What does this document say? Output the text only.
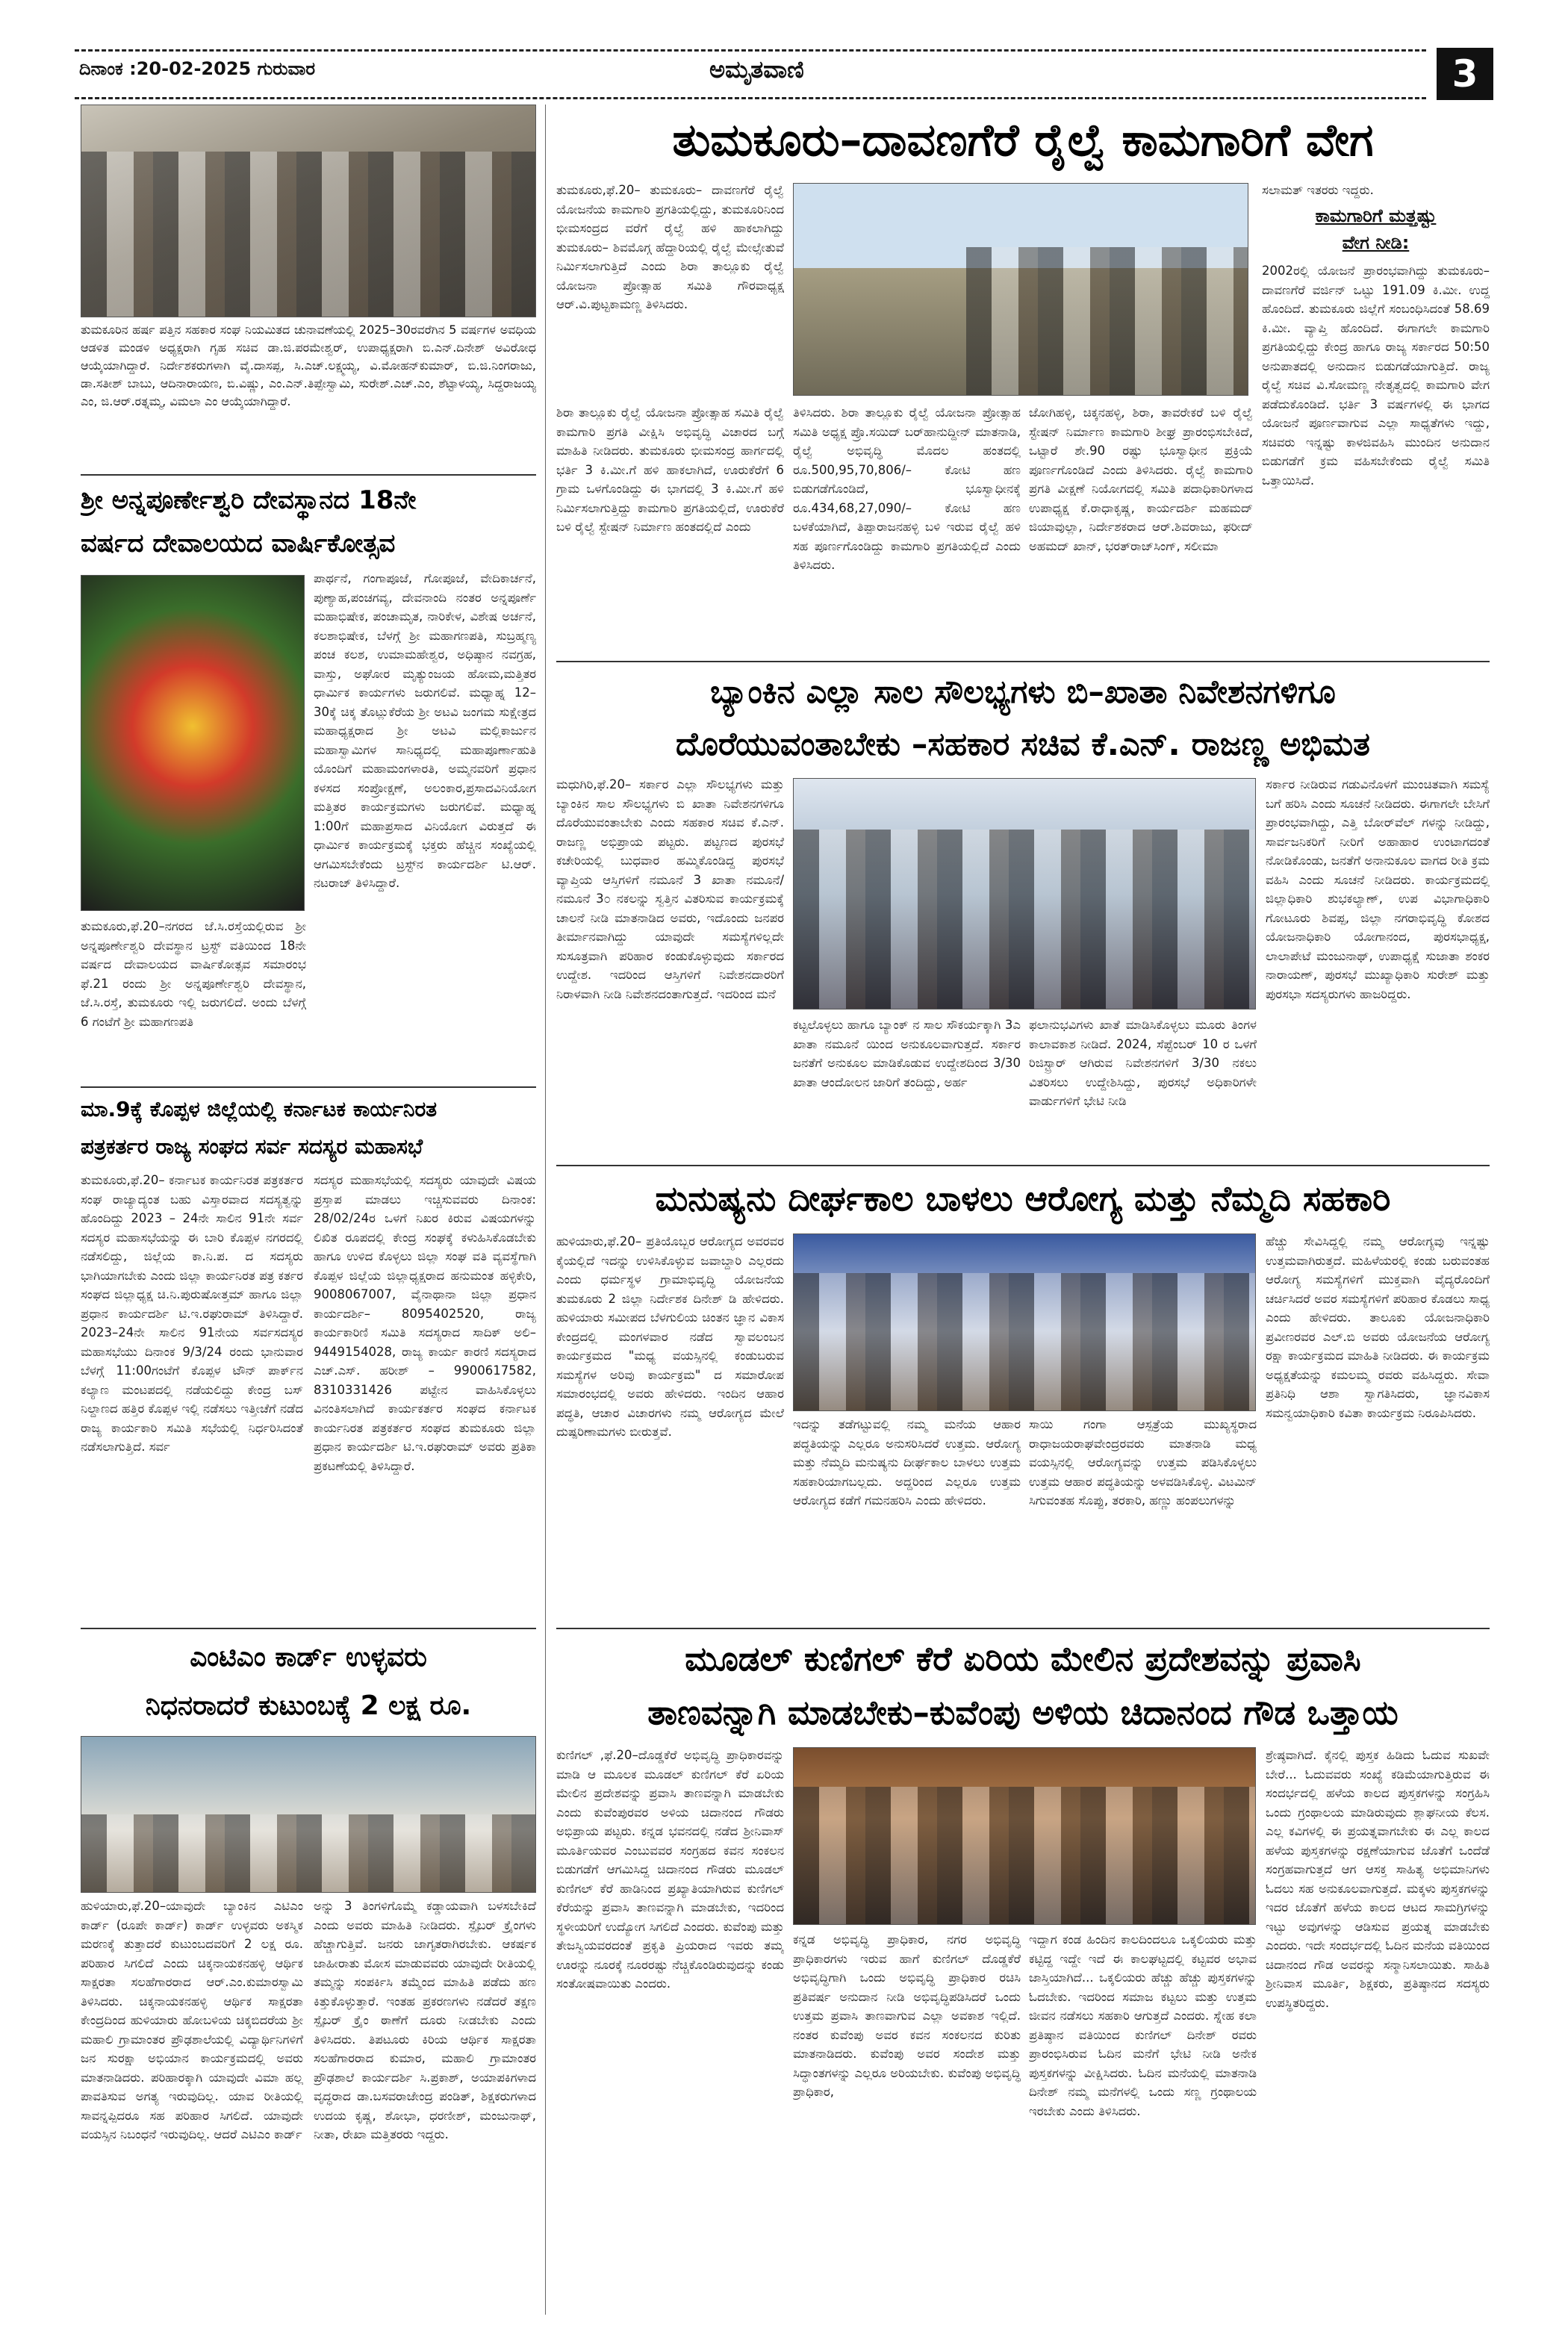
ದಿನಾಂಕ :20-02-2025 ಗುರುವಾರ	ಅಮೃತವಾಣಿ	3
ತುಮಕೂರಿನ ಹರ್ಷ ಪತ್ತಿನ ಸಹಕಾರ ಸಂಘ ನಿಯಮಿತದ ಚುನಾವಣೆಯಲ್ಲಿ 2025–30ರವರೆಗಿನ 5 ವರ್ಷಗಳ ಅವಧಿಯ ಆಡಳಿತ ಮಂಡಳಿ ಅಧ್ಯಕ್ಷರಾಗಿ ಗೃಹ ಸಚಿವ ಡಾ.ಜಿ.ಪರಮೇಶ್ವರ್, ಉಪಾಧ್ಯಕ್ಷರಾಗಿ ಬಿ.ಎನ್.ದಿನೇಶ್ ಅವಿರೋಧ ಆಯ್ಕೆಯಾಗಿದ್ದಾರೆ. ನಿರ್ದೇಶಕರುಗಳಾಗಿ ವೈ.ದಾಸಪ್ಪ, ಸಿ.ಎಚ್.ಲಕ್ಷ್ಮಯ್ಯ, ವಿ.ಮೋಹನ್‌ಕುಮಾರ್, ಬಿ.ಜಿ.ನಿಂಗರಾಜು, ಡಾ.ಸತೀಶ್ ಬಾಬು, ಆದಿನಾರಾಯಣ, ಬಿ.ವಿಷ್ಣು, ಎಂ.ಎನ್.ತಿಪ್ಪೇಸ್ವಾಮಿ, ಸುರೇಶ್.ಎಚ್.ಎಂ, ಶೆಟ್ಟಾಳಯ್ಯ, ಸಿದ್ದರಾಜಯ್ಯ ಎಂ, ಜಿ.ಆರ್.ರತ್ನಮ್ಮ, ವಿಮಲಾ ಎಂ ಆಯ್ಕೆಯಾಗಿದ್ದಾರೆ.
ಶ್ರೀ ಅನ್ನಪೂರ್ಣೇಶ್ವರಿ ದೇವಸ್ಥಾನದ 18ನೇ
ವರ್ಷದ ದೇವಾಲಯದ ವಾರ್ಷಿಕೋತ್ಸವ
ಪಾರ್ಥನೆ, ಗಂಗಾಪೂಜೆ, ಗೋಪೂಜೆ, ವೇದಿಕಾರ್ಚನೆ, ಪುಣ್ಯಾಹ,ಪಂಚಗವ್ಯ, ದೇವನಾಂದಿ ನಂತರ ಅನ್ನಪೂರ್ಣೆ ಮಹಾಭಿಷೇಕ, ಪಂಚಾಮೃತ, ನಾರಿಕೇಳ, ವಿಶೇಷ ಅರ್ಚನೆ, ಕಲಶಾಭಿಷೇಕ, ಬೆಳಗ್ಗೆ ಶ್ರೀ ಮಹಾಗಣಪತಿ, ಸುಬ್ರಹ್ಮಣ್ಯ ಪಂಚ ಕಲಶ, ಉಮಾಮಹೇಶ್ವರ, ಅಧಿಷ್ಠಾನ ನವಗ್ರಹ, ವಾಸ್ತು, ಅಘೋರ ಮೃತ್ಯುಂಜಯ ಹೋಮ,ಮತ್ತಿತರ ಧಾರ್ಮಿಕ ಕಾರ್ಯಗಳು ಜರುಗಲಿವೆ. ಮಧ್ಯಾಹ್ನ 12–30ಕ್ಕೆ ಚಿಕ್ಕ ತೊಟ್ಲುಕೆರೆಯ ಶ್ರೀ ಅಟವಿ ಜಂಗಮ ಸುಕ್ಷೇತ್ರದ ಮಹಾಧ್ಯಕ್ಷರಾದ ಶ್ರೀ ಅಟವಿ ಮಲ್ಲಿಕಾರ್ಜುನ ಮಹಾಸ್ವಾಮಿಗಳ ಸಾನಿಧ್ಯದಲ್ಲಿ ಮಹಾಪೂರ್ಣಾಹುತಿ ಯೊಂದಿಗೆ ಮಹಾಮಂಗಳಾರತಿ, ಅಮ್ಮನವರಿಗೆ ಪ್ರಧಾನ ಕಳಸದ ಸಂಪ್ರೋಕ್ಷಣೆ, ಅಲಂಕಾರ,ಪ್ರಸಾದವಿನಿಯೋಗ ಮತ್ತಿತರ ಕಾರ್ಯಕ್ರಮಗಳು ಜರುಗಲಿವೆ. ಮಧ್ಯಾಹ್ನ 1:00ಗೆ ಮಹಾಪ್ರಸಾದ ವಿನಿಯೋಗ ವಿರುತ್ತದೆ ಈ ಧಾರ್ಮಿಕ ಕಾರ್ಯಕ್ರಮಕ್ಕೆ ಭಕ್ತರು ಹೆಚ್ಚಿನ ಸಂಖ್ಯೆಯಲ್ಲಿ ಆಗಮಿಸಬೇಕೆಂದು ಟ್ರಸ್ಟ್‌ನ ಕಾರ್ಯದರ್ಶಿ ಟಿ.ಆರ್. ನಟರಾಜ್ ತಿಳಿಸಿದ್ದಾರೆ.
ತುಮಕೂರು,ಫೆ.20–ನಗರದ ಜೆ.ಸಿ.ರಸ್ತೆಯಲ್ಲಿರುವ ಶ್ರೀ ಅನ್ನಪೂರ್ಣೇಶ್ವರಿ ದೇವಸ್ಥಾನ ಟ್ರಸ್ಟ್ ವತಿಯಿಂದ 18ನೇ ವರ್ಷದ ದೇವಾಲಯದ ವಾರ್ಷಿಕೋತ್ಸವ ಸಮಾರಂಭ ಫೆ.21 ರಂದು ಶ್ರೀ ಅನ್ನಪೂರ್ಣೇಶ್ವರಿ ದೇವಸ್ಥಾನ, ಜೆ.ಸಿ.ರಸ್ತೆ, ತುಮಕೂರು ಇಲ್ಲಿ ಜರುಗಲಿದೆ. ಅಂದು ಬೆಳಗ್ಗೆ 6 ಗಂಟೆಗೆ ಶ್ರೀ ಮಹಾಗಣಪತಿ
ಮಾ.9ಕ್ಕೆ ಕೊಪ್ಪಳ ಜಿಲ್ಲೆಯಲ್ಲಿ ಕರ್ನಾಟಕ ಕಾರ್ಯನಿರತ
ಪತ್ರಕರ್ತರ ರಾಜ್ಯ ಸಂಘದ ಸರ್ವ ಸದಸ್ಯರ ಮಹಾಸಭೆ
ತುಮಕೂರು,ಫೆ.20– ಕರ್ನಾಟಕ ಕಾರ್ಯನಿರತ ಪತ್ರಕರ್ತರ ಸಂಘ ರಾಜ್ಯಾದ್ಯಂತ ಬಹು ವಿಸ್ತಾರವಾದ ಸದಸ್ಯತ್ವನ್ನು ಹೊಂದಿದ್ದು 2023 – 24ನೇ ಸಾಲಿನ 91ನೇ ಸರ್ವ ಸದಸ್ಯರ ಮಹಾಸಭೆಯನ್ನು ಈ ಬಾರಿ ಕೊಪ್ಪಳ ನಗರದಲ್ಲಿ ನಡೆಸಲಿದ್ದು, ಜಿಲ್ಲೆಯ ಕಾ.ನಿ.ಪ. ದ ಸದಸ್ಯರು ಭಾಗಿಯಾಗಬೇಕು ಎಂದು ಜಿಲ್ಲಾ ಕಾರ್ಯನಿರತ ಪತ್ರ ಕರ್ತರ ಸಂಘದ ಜಿಲ್ಲಾಧ್ಯಕ್ಷ ಚಿ.ನಿ.ಪುರುಷೋತ್ತಮ್ ಹಾಗೂ ಜಿಲ್ಲಾ ಪ್ರಧಾನ ಕಾರ್ಯದರ್ಶಿ ಟಿ.ಇ.ರಘುರಾಮ್ ತಿಳಿಸಿದ್ದಾರೆ. 2023–24ನೇ ಸಾಲಿನ 91ನೇಯ ಸರ್ವಸದಸ್ಯರ ಮಹಾಸಭೆಯು ದಿನಾಂಕ 9/3/24 ರಂದು ಭಾನುವಾರ ಬೆಳಗ್ಗೆ 11:00ಗಂಟೆಗೆ ಕೊಪ್ಪಳ ಟೌನ್ ಪಾರ್ಕ್‌ನ ಕಲ್ಯಾಣ ಮಂಟಪದಲ್ಲಿ ನಡೆಯಲಿದ್ದು ಕೇಂದ್ರ ಬಸ್ ನಿಲ್ದಾಣದ ಹತ್ತಿರ ಕೊಪ್ಪಳ ಇಲ್ಲಿ ನಡೆಸಲು ಇತ್ತೀಚೆಗೆ ನಡೆದ ರಾಜ್ಯ ಕಾರ್ಯಕಾರಿ ಸಮಿತಿ ಸಭೆಯಲ್ಲಿ ನಿರ್ಧರಿಸಿದಂತೆ ನಡೆಸಲಾಗುತ್ತಿದೆ. ಸರ್ವ
ಸದಸ್ಯರ ಮಹಾಸಭೆಯಲ್ಲಿ ಸದಸ್ಯರು ಯಾವುದೇ ವಿಷಯ ಪ್ರಸ್ತಾಪ ಮಾಡಲು ಇಚ್ಚಿಸುವವರು ದಿನಾಂಕ: 28/02/24ರ ಒಳಗೆ ನಿಖರ ಕಿರುವ ವಿಷಯಗಳನ್ನು ಲಿಖಿತ ರೂಪದಲ್ಲಿ ಕೇಂದ್ರ ಸಂಘಕ್ಕೆ ಕಳುಹಿಸಿಕೊಡಬೇಕು ಹಾಗೂ ಉಳಿದ ಕೊಳ್ಳಲು ಜಿಲ್ಲಾ ಸಂಘ ವತಿ ವ್ಯವಸ್ಥೆಗಾಗಿ ಕೊಪ್ಪಳ ಜಿಲ್ಲೆಯ ಜಿಲ್ಲಾಧ್ಯಕ್ಷರಾದ ಹನುಮಂತ ಹಳ್ಳಿಕೇರಿ, 9008067007, ವೈನಾಥಾನಾ ಜಿಲ್ಲಾ ಪ್ರಧಾನ ಕಾರ್ಯದರ್ಶಿ– 8095402520, ರಾಜ್ಯ ಕಾರ್ಯಕಾರಿಣಿ ಸಮಿತಿ ಸದಸ್ಯರಾದ ಸಾದಿಕ್ ಅಲಿ– 9449154028, ರಾಜ್ಯ ಕಾರ್ಯ ಕಾರಣಿ ಸದಸ್ಯರಾದ ಎಚ್.ಎಸ್. ಹರೀಶ್ – 9900617582, 8310331426 ಪಟ್ಟೇನ ವಾಹಿಸಿಕೊಳ್ಳಲು ವಿನಂತಿಸಲಾಗಿದೆ ಕಾರ್ಯಕರ್ತರ ಸಂಘದ ಕರ್ನಾಟಕ ಕಾರ್ಯನಿರತ ಪತ್ರಕರ್ತರ ಸಂಘದ ತುಮಕೂರು ಜಿಲ್ಲಾ ಪ್ರಧಾನ ಕಾರ್ಯದರ್ಶಿ ಟಿ.ಇ.ರಘುರಾಮ್ ಅವರು ಪ್ರತಿಕಾ ಪ್ರಕಟಣೆಯಲ್ಲಿ ತಿಳಿಸಿದ್ದಾರೆ.
ಎಂಟಿಎಂ ಕಾರ್ಡ್ ಉಳ್ಳವರು
ನಿಧನರಾದರೆ ಕುಟುಂಬಕ್ಕೆ 2 ಲಕ್ಷ ರೂ.
ಹುಳಿಯಾರು,ಫೆ.20–ಯಾವುದೇ ಬ್ಯಾಂಕಿನ ಎಟಿಎಂ ಕಾರ್ಡ್ (ರೂಪೇ ಕಾರ್ಡ್) ಕಾರ್ಡ್ ಉಳ್ಳವರು ಅಕಸ್ಮಿಕ ಮರಣಕ್ಕೆ ತುತ್ತಾದರೆ ಕುಟುಂಬದವರಿಗೆ 2 ಲಕ್ಷ ರೂ. ಪರಿಹಾರ ಸಿಗಲಿದೆ ಎಂದು ಚಿಕ್ಕನಾಯಕನಹಳ್ಳಿ ಆರ್ಥಿಕ ಸಾಕ್ಷರತಾ ಸಲಹೆಗಾರರಾದ ಆರ್.ಎಂ.ಕುಮಾರಸ್ವಾಮಿ ತಿಳಿಸಿದರು. ಚಿಕ್ಕನಾಯಕನಹಳ್ಳಿ ಆರ್ಥಿಕ ಸಾಕ್ಷರತಾ ಕೇಂದ್ರದಿಂದ ಹುಳಿಯಾರು ಹೋಬಳಿಯ ಚಿಕ್ಕಬಿದರೆಯ ಶ್ರೀ ಮಹಾಲಿ ಗ್ರಾಮಾಂತರ ಪ್ರೌಢಶಾಲೆಯಲ್ಲಿ ವಿದ್ಯಾರ್ಥಿನಿಗಳಿಗೆ ಜನ ಸುರಕ್ಷಾ ಅಭಿಯಾನ ಕಾರ್ಯಕ್ರಮದಲ್ಲಿ ಅವರು ಮಾತನಾಡಿದರು. ಪರಿಹಾರಕ್ಕಾಗಿ ಯಾವುದೇ ವಿಮಾ ಹಲ್ಲ ಪಾವತಿಸುವ ಅಗತ್ಯ ಇರುವುದಿಲ್ಲ. ಯಾವ ರೀತಿಯಲ್ಲಿ ಸಾವನ್ನಪ್ಪಿದರೂ ಸಹ ಪರಿಹಾರ ಸಿಗಲಿದೆ. ಯಾವುದೇ ವಯಸ್ಸಿನ ನಿಬಂಧನೆ ಇರುವುದಿಲ್ಲ. ಆದರೆ ಎಟಿಎಂ ಕಾರ್ಡ್
ಅನ್ನು 3 ತಿಂಗಳಿಗೊಮ್ಮೆ ಕಡ್ಡಾಯವಾಗಿ ಬಳಸಬೇಕಿದೆ ಎಂದು ಅವರು ಮಾಹಿತಿ ನೀಡಿದರು. ಸ್ಪೈಬರ್ ಕ್ರೈಂಗಳು ಹೆಚ್ಚಾಗುತ್ತಿವೆ. ಜನರು ಜಾಗೃತರಾಗಿರಬೇಕು. ಆಕರ್ಷಕ ಜಾಹೀರಾತು ಮೋಸ ಮಾಡುವವರು ಯಾವುದೇ ರೀತಿಯಲ್ಲಿ ತಮ್ಮನ್ನು ಸಂಪರ್ಕಿಸಿ ತಮ್ಮೆಂದ ಮಾಹಿತಿ ಪಡೆದು ಹಣ ಕಿತ್ತುಕೊಳ್ಳುತ್ತಾರೆ. ಇಂತಹ ಪ್ರಕರಣಗಳು ನಡೆದರೆ ತಕ್ಷಣ ಸ್ಪೈಬರ್ ಕ್ರೈಂ ಠಾಣೆಗೆ ದೂರು ನೀಡಬೇಕು ಎಂದು ತಿಳಿಸಿದರು. ತಿಪಟೂರು ಕಿರಿಯ ಆರ್ಥಿಕ ಸಾಕ್ಷರತಾ ಸಲಹೆಗಾರರಾದ ಕುಮಾರ, ಮಹಾಲಿ ಗ್ರಾಮಾಂತರ ಪ್ರೌಢಶಾಲೆ ಕಾರ್ಯದರ್ಶಿ ಸಿ.ಪ್ರಕಾಶ್, ಅಯಾಪಕಿಗಳಾದ ವೃದ್ಧರಾದ ಡಾ.ಬಸವರಾಜೇಂದ್ರ ಪಂಡಿತ್, ಶಿಕ್ಷಕರುಗಳಾದ ಉದಯ ಕೃಷ್ಣ, ಶೋಭಾ, ಧರಣೀಶ್, ಮಂಜುನಾಥ್, ನೀತಾ, ರೇಖಾ ಮತ್ತಿತರರು ಇದ್ದರು.
ತುಮಕೂರು–ದಾವಣಗೆರೆ ರೈಲ್ವೆ ಕಾಮಗಾರಿಗೆ ವೇಗ
ತುಮಕೂರು,ಫೆ.20– ತುಮಕೂರು– ದಾವಣಗೆರೆ ರೈಲ್ವೆ ಯೋಜನೆಯ ಕಾಮಗಾರಿ ಪ್ರಗತಿಯಲ್ಲಿದ್ದು, ತುಮಕೂರಿನಿಂದ ಭೀಮಸಂದ್ರದ ವರೆಗೆ ರೈಲ್ವೆ ಹಳಿ ಹಾಕಲಾಗಿದ್ದು ತುಮಕೂರು– ಶಿವಮೊಗ್ಗ ಹೆದ್ದಾರಿಯಲ್ಲಿ ರೈಲ್ವೆ ಮೇಲ್ಸೇತುವೆ ನಿರ್ಮಿಸಲಾಗುತ್ತಿದೆ ಎಂದು ಶಿರಾ ತಾಲ್ಲೂಕು ರೈಲ್ವೆ ಯೋಜನಾ ಪ್ರೋತ್ಸಾಹ ಸಮಿತಿ ಗೌರವಾಧ್ಯಕ್ಷ ಆರ್.ವಿ.ಪುಟ್ಟಕಾಮಣ್ಣ ತಿಳಿಸಿದರು.
ಶಿರಾ ತಾಲ್ಲೂಕು ರೈಲ್ವೆ ಯೋಜನಾ ಪ್ರೋತ್ಸಾಹ ಸಮಿತಿ ರೈಲ್ವೆ ಕಾಮಗಾರಿ ಪ್ರಗತಿ ವೀಕ್ಷಿಸಿ ಅಭಿವೃದ್ಧಿ ವಿಚಾರದ ಬಗ್ಗೆ ಮಾಹಿತಿ ನೀಡಿದರು. ತುಮಕೂರು ಭೀಮಸಂದ್ರ ಹಾರ್ಗದಲ್ಲಿ ಭರ್ತಿ 3 ಕಿ.ಮೀ.ಗೆ ಹಳಿ ಹಾಕಲಾಗಿದೆ, ಊರುಕೆರೆಗೆ 6 ಗ್ರಾಮ ಒಳಗೊಂಡಿದ್ದು ಈ ಭಾಗದಲ್ಲಿ 3 ಕಿ.ಮೀ.ಗೆ ಹಳಿ ನಿರ್ಮಿಸಲಾಗುತ್ತಿದ್ದು ಕಾಮಗಾರಿ ಪ್ರಗತಿಯಲ್ಲಿದೆ, ಊರುಕೆರೆ ಬಳಿ ರೈಲ್ವೆ ಸ್ಟೇಷನ್ ನಿರ್ಮಾಣ ಹಂತದಲ್ಲಿದೆ ಎಂದು
ತಿಳಿಸಿದರು. ಶಿರಾ ತಾಲ್ಲೂಕು ರೈಲ್ವೆ ಯೋಜನಾ ಪ್ರೋತ್ಸಾಹ ಸಮಿತಿ ಅಧ್ಯಕ್ಷ ಪ್ರೊ.ಸಯಿದ್ ಬರ್‌ಹಾನುದ್ದೀನ್ ಮಾತನಾಡಿ, ರೈಲ್ವೆ ಅಭಿವೃದ್ಧಿ ಮೊದಲ ಹಂತದಲ್ಲಿ ರೂ.500,95,70,806/– ಕೋಟಿ ಹಣ ಬಿಡುಗಡೆಗೊಂಡಿದೆ, ಭೂಸ್ವಾಧೀನಕ್ಕೆ ರೂ.434,68,27,090/– ಕೋಟಿ ಹಣ ಬಳಕೆಯಾಗಿದೆ, ತಿಪ್ಪಾರಾಜನಹಳ್ಳಿ ಬಳಿ ಇರುವ ರೈಲ್ವೆ ಹಳಿ ಸಹ ಪೂರ್ಣಗೊಂಡಿದ್ದು ಕಾಮಗಾರಿ ಪ್ರಗತಿಯಲ್ಲಿದೆ ಎಂದು ತಿಳಿಸಿದರು.
ಜೋಗಿಹಳ್ಳಿ, ಚಿಕ್ಕನಹಳ್ಳಿ, ಶಿರಾ, ತಾವರೇಕರೆ ಬಳಿ ರೈಲ್ವೆ ಸ್ಟೇಷನ್ ನಿರ್ಮಾಣ ಕಾಮಗಾರಿ ಶೀಘ್ರ ಪ್ರಾರಂಭಿಸಬೇಕಿದೆ, ಒಟ್ಟಾರೆ ಶೇ.90 ರಷ್ಟು ಭೂಸ್ವಾಧೀನ ಪ್ರಕ್ರಿಯೆ ಪೂರ್ಣಗೊಂಡಿದೆ ಎಂದು ತಿಳಿಸಿದರು. ರೈಲ್ವೆ ಕಾಮಗಾರಿ ಪ್ರಗತಿ ವೀಕ್ಷಣೆ ನಿಯೋಗದಲ್ಲಿ ಸಮಿತಿ ಪದಾಧಿಕಾರಿಗಳಾದ ಉಪಾಧ್ಯಕ್ಷ ಕೆ.ರಾಧಾಕೃಷ್ಣ, ಕಾರ್ಯದರ್ಶಿ ಮಹಮದ್ ಜಿಯಾವುಲ್ಲಾ, ನಿರ್ದೇಶಕರಾದ ಆರ್.ಶಿವರಾಜು, ಫರೀದ್ ಅಹಮದ್ ಖಾನ್, ಭರತ್‌ರಾಜ್‌ಸಿಂಗ್, ಸಲೀಮಾ
ಸಲಾಮತ್ ಇತರರು ಇದ್ದರು.
ಕಾಮಗಾರಿಗೆ ಮತ್ತಷ್ಟು
ವೇಗ ನೀಡಿ:
2002ರಲ್ಲಿ ಯೋಜನೆ ಪ್ರಾರಂಭವಾಗಿದ್ದು ತುಮಕೂರು– ದಾವಣಗೆರೆ ವರ್ಜಿನ್ ಒಟ್ಟು 191.09 ಕಿ.ಮೀ. ಉದ್ದ ಹೊಂದಿದೆ. ತುಮಕೂರು ಜಿಲ್ಲೆಗೆ ಸಂಬಂಧಿಸಿದಂತೆ 58.69 ಕಿ.ಮೀ. ವ್ಯಾಪ್ತಿ ಹೊಂದಿದೆ. ಈಗಾಗಲೇ ಕಾಮಗಾರಿ ಪ್ರಗತಿಯಲ್ಲಿದ್ದು ಕೇಂದ್ರ ಹಾಗೂ ರಾಜ್ಯ ಸರ್ಕಾರದ 50:50 ಅನುಪಾತದಲ್ಲಿ ಅನುದಾನ ಬಿಡುಗಡೆಯಾಗುತ್ತಿದೆ. ರಾಜ್ಯ ರೈಲ್ವೆ ಸಚಿವ ವಿ.ಸೋಮಣ್ಣ ನೇತೃತ್ವದಲ್ಲಿ ಕಾಮಗಾರಿ ವೇಗ ಪಡೆದುಕೊಂಡಿದೆ. ಭರ್ತಿ 3 ವರ್ಷಗಳಲ್ಲಿ ಈ ಭಾಗದ ಯೋಜನೆ ಪೂರ್ಣವಾಗುವ ಎಲ್ಲಾ ಸಾಧ್ಯತೆಗಳು ಇದ್ದು, ಸಚಿವರು ಇನ್ನಷ್ಟು ಕಾಳಜಿವಹಿಸಿ ಮುಂದಿನ ಅನುದಾನ ಬಿಡುಗಡೆಗೆ ಕ್ರಮ ವಹಿಸಬೇಕೆಂದು ರೈಲ್ವೆ ಸಮಿತಿ ಒತ್ತಾಯಿಸಿದೆ.
ಬ್ಯಾಂಕಿನ ಎಲ್ಲಾ ಸಾಲ ಸೌಲಭ್ಯಗಳು ಬಿ–ಖಾತಾ ನಿವೇಶನಗಳಿಗೂ
ದೊರೆಯುವಂತಾಬೇಕು –ಸಹಕಾರ ಸಚಿವ ಕೆ.ಎನ್. ರಾಜಣ್ಣ ಅಭಿಮತ
ಮಧುಗಿರಿ,ಫೆ.20– ಸರ್ಕಾರ ಎಲ್ಲಾ ಸೌಲಭ್ಯಗಳು ಮತ್ತು ಬ್ಯಾಂಕಿನ ಸಾಲ ಸೌಲಭ್ಯಗಳು ಬಿ ಖಾತಾ ನಿವೇಶನಗಳಿಗೂ ದೊರೆಯುವಂತಾಬೇಕು ಎಂದು ಸಹಕಾರ ಸಚಿವ ಕೆ.ಎನ್. ರಾಜಣ್ಣ ಅಭಿಪ್ರಾಯ ಪಟ್ಟರು. ಪಟ್ಟಣದ ಪುರಸಭೆ ಕಚೇರಿಯಲ್ಲಿ ಬುಧವಾರ ಹಮ್ಮಿಕೊಂಡಿದ್ದ ಪುರಸಭೆ ವ್ಯಾಪ್ತಿಯ ಆಸ್ತಿಗಳಿಗೆ ನಮೂನೆ 3 ಖಾತಾ ನಮೂನೆ/ ನಮೂನೆ 3೦ ನಕಲನ್ನು ಸ್ವತ್ತಿನ ವಿತರಿಸುವ ಕಾರ್ಯಕ್ರಮಕ್ಕೆ ಚಾಲನೆ ನೀಡಿ ಮಾತನಾಡಿದ ಅವರು, ಇದೊಂದು ಜನಪರ ತೀರ್ಮಾನವಾಗಿದ್ದು ಯಾವುದೇ ಸಮಸ್ಯೆಗಳಿಲ್ಲದೇ ಸುಸೂತ್ರವಾಗಿ ಪರಿಹಾರ ಕಂಡುಕೊಳ್ಳುವುದು ಸರ್ಕಾರದ ಉದ್ದೇಶ. ಇದರಿಂದ ಆಸ್ತಿಗಳಿಗೆ ನಿವೇಶನದಾರರಿಗೆ ನಿರಾಳವಾಗಿ ನೀಡಿ ನಿವೇಶನದಂತಾಗುತ್ತದೆ. ಇದರಿಂದ ಮನೆ
ಕಟ್ಟಲೊಳ್ಳಲು ಹಾಗೂ ಬ್ಯಾಂಕ್ ನ ಸಾಲ ಸೌಕರ್ಯಕ್ಕಾಗಿ 3ಎ ಖಾತಾ ನಮೂನೆ ಯಿಂದ ಅನುಕೂಲವಾಗುತ್ತದೆ. ಸರ್ಕಾರ ಜನತೆಗೆ ಅನುಕೂಲ ಮಾಡಿಕೊಡುವ ಉದ್ದೇಶದಿಂದ 3/30 ಖಾತಾ ಆಂದೋಲನ ಜಾರಿಗೆ ತಂದಿದ್ದು, ಅರ್ಹ
ಫಲಾನುಭವಿಗಳು ಖಾತೆ ಮಾಡಿಸಿಕೊಳ್ಳಲು ಮೂರು ತಿಂಗಳ ಕಾಲಾವಕಾಶ ನೀಡಿದೆ. 2024, ಸೆಪ್ಟೆಂಬರ್ 10 ರ ಒಳಗೆ ರಿಜಿಸ್ಟ್ರಾರ್ ಆಗಿರುವ ನಿವೇಶನಗಳಿಗೆ 3/30 ನಕಲು ವಿತರಿಸಲು ಉದ್ದೇಶಿಸಿದ್ದು, ಪುರಸಭೆ ಅಧಿಕಾರಿಗಳೇ ವಾರ್ಡುಗಳಿಗೆ ಭೇಟಿ ನೀಡಿ
ಸರ್ಕಾರ ನೀಡಿರುವ ಗಡುವಿನೊಳಗೆ ಮುಂಚಿತವಾಗಿ ಸಮಸ್ಯೆ ಬಗೆ ಹರಿಸಿ ಎಂದು ಸೂಚನೆ ನೀಡಿದರು. ಈಗಾಗಲೇ ಬೇಸಿಗೆ ಪ್ರಾರಂಭವಾಗಿದ್ದು, ಎತ್ತಿ ಬೋರ್‌ವೆಲ್ ಗಳನ್ನು ನೀಡಿದ್ದು, ಸಾರ್ವಜನಿಕರಿಗೆ ನೀರಿಗೆ ಅಹಾಹಾರ ಉಂಟಾಗದಂತೆ ನೋಡಿಕೊಂಡು, ಜನತೆಗೆ ಅನಾನುಕೂಲ ವಾಗದ ರೀತಿ ಕ್ರಮ ವಹಿಸಿ ಎಂದು ಸೂಚನೆ ನೀಡಿದರು. ಕಾರ್ಯಕ್ರಮದಲ್ಲಿ ಜಿಲ್ಲಾಧಿಕಾರಿ ಶುಭಕಲ್ಯಾಣ್, ಉಪ ವಿಭಾಗಾಧಿಕಾರಿ ಗೋಟೂರು ಶಿವಪ್ಪ, ಜಿಲ್ಲಾ ನಗರಾಭಿವೃದ್ಧಿ ಕೋಶದ ಯೋಜನಾಧಿಕಾರಿ ಯೋಗಾನಂದ, ಪುರಸಭಾಧ್ಯಕ್ಷ, ಲಾಲಾಪೇಟೆ ಮಂಜುನಾಥ್, ಉಪಾಧ್ಯಕ್ಷೆ ಸುಜಾತಾ ಶಂಕರ ನಾರಾಯಣ್, ಪುರಸಭೆ ಮುಖ್ಯಾಧಿಕಾರಿ ಸುರೇಶ್ ಮತ್ತು ಪುರಸಭಾ ಸದಸ್ಯರುಗಳು ಹಾಜರಿದ್ದರು.
ಮನುಷ್ಯನು ದೀರ್ಘಕಾಲ ಬಾಳಲು ಆರೋಗ್ಯ ಮತ್ತು ನೆಮ್ಮದಿ ಸಹಕಾರಿ
ಹುಳಿಯಾರು,ಫೆ.20– ಪ್ರತಿಯೊಬ್ಬರ ಆರೋಗ್ಯದ ಅವರವರ ಕೈಯಲ್ಲಿದೆ ಇದನ್ನು ಉಳಿಸಿಕೊಳ್ಳುವ ಜವಾಬ್ದಾರಿ ಎಲ್ಲರದು ಎಂದು ಧರ್ಮಸ್ಥಳ ಗ್ರಾಮಾಭಿವೃದ್ಧಿ ಯೋಜನೆಯ ತುಮಕೂರು 2 ಜಿಲ್ಲಾ ನಿರ್ದೇಶಕ ದಿನೇಶ್ ಡಿ ಹೇಳಿದರು. ಹುಳಿಯಾರು ಸಮೀಪದ ಬೆಳಗುಲಿಯ ಚಿಂತನ ಜ್ಞಾನ ವಿಕಾಸ ಕೇಂದ್ರದಲ್ಲಿ ಮಂಗಳವಾರ ನಡೆದ ಸ್ವಾವಲಂಬನ ಕಾರ್ಯಕ್ರಮದ "ಮಧ್ಯ ವಯಸ್ಸಿನಲ್ಲಿ ಕಂಡುಬರುವ ಸಮಸ್ಯೆಗಳ ಅರಿವು ಕಾರ್ಯಕ್ರಮ" ದ ಸಮಾರೋಪ ಸಮಾರಂಭದಲ್ಲಿ ಅವರು ಹೇಳಿದರು. ಇಂದಿನ ಆಹಾರ ಪದ್ಧತಿ, ಆಚಾರ ವಿಚಾರಗಳು ನಮ್ಮ ಆರೋಗ್ಯದ ಮೇಲೆ ದುಷ್ಪರಿಣಾಮಗಳು ಬೀರುತ್ತವೆ.
ಇದನ್ನು ತಡೆಗಟ್ಟುವಲ್ಲಿ ನಮ್ಮ ಮನೆಯ ಆಹಾರ ಪದ್ಧತಿಯನ್ನು ಎಲ್ಲರೂ ಅನುಸರಿಸಿದರೆ ಉತ್ತಮ. ಆರೋಗ್ಯ ಮತ್ತು ನೆಮ್ಮದಿ ಮನುಷ್ಯನು ದೀರ್ಘಕಾಲ ಬಾಳಲು ಉತ್ತಮ ಸಹಕಾರಿಯಾಗಬಲ್ಲದು. ಅದ್ದರಿಂದ ಎಲ್ಲರೂ ಉತ್ತಮ ಆರೋಗ್ಯದ ಕಡೆಗೆ ಗಮನಹರಿಸಿ ಎಂದು ಹೇಳಿದರು.
ಸಾಯಿ ಗಂಗಾ ಆಸ್ಪತ್ರೆಯ ಮುಖ್ಯಸ್ಥರಾದ ರಾಧಾಜಯರಾಘವೇಂದ್ರರವರು ಮಾತನಾಡಿ ಮಧ್ಯ ವಯಸ್ಸಿನಲ್ಲಿ ಆರೋಗ್ಯವನ್ನು ಉತ್ತಮ ಪಡಿಸಿಕೊಳ್ಳಲು ಉತ್ತಮ ಆಹಾರ ಪದ್ಧತಿಯನ್ನು ಅಳವಡಿಸಿಕೊಳ್ಳಿ. ವಿಟಮಿನ್ ಸಿಗುವಂತಹ ಸೊಪ್ಪು, ತರಕಾರಿ, ಹಣ್ಣು ಹಂಪಲುಗಳನ್ನು
ಹೆಚ್ಚು ಸೇವಿಸಿದ್ದಲ್ಲಿ ನಮ್ಮ ಆರೋಗ್ಯವು ಇನ್ನಷ್ಟು ಉತ್ತಮವಾಗಿರುತ್ತದೆ. ಮಹಿಳೆಯರಲ್ಲಿ ಕಂಡು ಬರುವಂತಹ ಆರೋಗ್ಯ ಸಮಸ್ಯೆಗಳಿಗೆ ಮುಕ್ತವಾಗಿ ವೈದ್ಯರೊಂದಿಗೆ ಚರ್ಚಿಸಿದರೆ ಅವರ ಸಮಸ್ಯೆಗಳಿಗೆ ಪರಿಹಾರ ಕೊಡಲು ಸಾಧ್ಯ ಎಂದು ಹೇಳಿದರು. ತಾಲೂಕು ಯೋಜನಾಧಿಕಾರಿ ಪ್ರವೀಣರವರ ಎಲ್.ಬಿ ಅವರು ಯೋಜನೆಯ ಆರೋಗ್ಯ ರಕ್ಷಾ ಕಾರ್ಯಕ್ರಮದ ಮಾಹಿತಿ ನೀಡಿದರು. ಈ ಕಾರ್ಯಕ್ರಮ ಅಧ್ಯಕ್ಷತೆಯನ್ನು ಕಮಲಮ್ಮ ರವರು ವಹಿಸಿದ್ದರು. ಸೇವಾ ಪ್ರತಿನಿಧಿ ಆಶಾ ಸ್ವಾಗತಿಸಿದರು, ಜ್ಞಾನವಿಕಾಸ ಸಮನ್ವಯಾಧಿಕಾರಿ ಕವಿತಾ ಕಾರ್ಯಕ್ರಮ ನಿರೂಪಿಸಿದರು.
ಮೂಡಲ್ ಕುಣಿಗಲ್ ಕೆರೆ ಏರಿಯ ಮೇಲಿನ ಪ್ರದೇಶವನ್ನು ಪ್ರವಾಸಿ
ತಾಣವನ್ನಾಗಿ ಮಾಡಬೇಕು–ಕುವೆಂಪು ಅಳಿಯ ಚಿದಾನಂದ ಗೌಡ ಒತ್ತಾಯ
ಕುಣಿಗಲ್ ,ಫೆ.20–ದೊಡ್ಡಕೆರೆ ಅಭಿವೃದ್ಧಿ ಪ್ರಾಧಿಕಾರವನ್ನು ಮಾಡಿ ಆ ಮೂಲಕ ಮೂಡಲ್ ಕುಣಿಗಲ್ ಕೆರೆ ಏರಿಯ ಮೇಲಿನ ಪ್ರದೇಶವನ್ನು ಪ್ರವಾಸಿ ತಾಣವನ್ನಾಗಿ ಮಾಡಬೇಕು ಎಂದು ಕುವೆಂಪುರವರ ಅಳಿಯ ಚಿದಾನಂದ ಗೌಡರು ಅಭಿಪ್ರಾಯ ಪಟ್ಟರು. ಕನ್ನಡ ಭವನದಲ್ಲಿ ನಡೆದ ಶ್ರೀನಿವಾಸ್ ಮೂರ್ತಿಯವರ ಎಂಬುವವರ ಸಂಗ್ರಹದ ಕವನ ಸಂಕಲನ ಬಿಡುಗಡೆಗೆ ಆಗಮಿಸಿದ್ದ ಚಿದಾನಂದ ಗೌಡರು ಮೂಡಲ್ ಕುಣಿಗಲ್ ಕೆರೆ ಹಾಡಿನಿಂದ ಪ್ರಖ್ಯಾತಿಯಾಗಿರುವ ಕುಣಿಗಲ್ ಕೆರೆಯನ್ನು ಪ್ರವಾಸಿ ತಾಣವನ್ನಾಗಿ ಮಾಡಬೇಕು, ಇದರಿಂದ ಸ್ಥಳೀಯರಿಗೆ ಉದ್ಯೋಗ ಸಿಗಲಿದೆ ಎಂದರು. ಕುವೆಂಪು ಮತ್ತು ತೇಜಸ್ವಿಯವರದಂತೆ ಪ್ರಕೃತಿ ಪ್ರಿಯರಾದ ಇವರು ತಮ್ಮ ಊರನ್ನು ನೂರಕ್ಕೆ ನೂರರಷ್ಟು ನೆಚ್ಚಿಕೊಂಡಿರುವುದನ್ನು ಕಂಡು ಸಂತೋಷವಾಯಿತು ಎಂದರು.
ಕನ್ನಡ ಅಭಿವೃದ್ಧಿ ಪ್ರಾಧಿಕಾರ, ನಗರ ಅಭಿವೃದ್ಧಿ ಪ್ರಾಧಿಕಾರಗಳು ಇರುವ ಹಾಗೆ ಕುಣಿಗಲ್ ದೊಡ್ಡಕೆರೆ ಅಭಿವೃದ್ಧಿಗಾಗಿ ಒಂದು ಅಭಿವೃದ್ಧಿ ಪ್ರಾಧಿಕಾರ ರಚಿಸಿ ಪ್ರತಿವರ್ಷ ಅನುದಾನ ನೀಡಿ ಅಭಿವೃದ್ಧಿಪಡಿಸಿದರೆ ಒಂದು ಉತ್ತಮ ಪ್ರವಾಸಿ ತಾಣವಾಗುವ ಎಲ್ಲಾ ಅವಕಾಶ ಇಲ್ಲಿದೆ. ನಂತರ ಕುವೆಂಪು ಅವರ ಕವನ ಸಂಕಲನದ ಕುರಿತು ಮಾತನಾಡಿದರು. ಕುವೆಂಪು ಅವರ ಸಂದೇಶ ಮತ್ತು ಸಿದ್ಧಾಂತಗಳನ್ನು ಎಲ್ಲರೂ ಅರಿಯಬೇಕು. ಕುವೆಂಪು ಅಭಿವೃದ್ಧಿ ಪ್ರಾಧಿಕಾರ,
ಇದ್ದಾಗ ಕಂಡ ಹಿಂದಿನ ಕಾಲದಿಂದಲೂ ಒಕ್ಕಲಿಯರು ಮತ್ತು ಕಟ್ಟಿದ್ದ ಇದ್ದೇ ಇದೆ ಈ ಕಾಲಘಟ್ಟದಲ್ಲಿ ಕಟ್ಟವರ ಅಭಾವ ಜಾಸ್ತಿಯಾಗಿದೆ... ಒಕ್ಕಲಿಯರು ಹೆಚ್ಚು ಹೆಚ್ಚು ಪುಸ್ತಕಗಳನ್ನು ಓದಬೇಕು. ಇದರಿಂದ ಸಮಾಜ ಕಟ್ಟಲು ಮತ್ತು ಉತ್ತಮ ಜೀವನ ನಡೆಸಲು ಸಹಕಾರಿ ಆಗುತ್ತದೆ ಎಂದರು. ಸ್ನೇಹ ಕಲಾ ಪ್ರತಿಷ್ಠಾನ ವತಿಯಿಂದ ಕುಣಿಗಲ್ ದಿನೇಶ್ ರವರು ಪ್ರಾರಂಭಿಸಿರುವ ಓದಿನ ಮನೆಗೆ ಭೇಟಿ ನೀಡಿ ಅನೇಕ ಪುಸ್ತಕಗಳನ್ನು ವೀಕ್ಷಿಸಿದರು. ಓದಿನ ಮನೆಯಲ್ಲಿ ಮಾತನಾಡಿ ದಿನೇಶ್ ನಮ್ಮ ಮನೆಗಳಲ್ಲಿ ಒಂದು ಸಣ್ಣ ಗ್ರಂಥಾಲಯ ಇರಬೇಕು ಎಂದು ತಿಳಿಸಿದರು.
ಶ್ರೇಷ್ಠವಾಗಿದೆ. ಕೈನಲ್ಲಿ ಪುಸ್ತಕ ಹಿಡಿದು ಓದುವ ಸುಖವೇ ಬೇರೆ... ಓದುವವರು ಸಂಖ್ಯೆ ಕಡಿಮೆಯಾಗುತ್ತಿರುವ ಈ ಸಂದರ್ಭದಲ್ಲಿ ಹಳೆಯ ಕಾಲದ ಪುಸ್ತಕಗಳನ್ನು ಸಂಗ್ರಹಿಸಿ ಒಂದು ಗ್ರಂಥಾಲಯ ಮಾಡಿರುವುದು ಶ್ಲಾಘನೀಯ ಕೆಲಸ. ಎಲ್ಲ ಕವಿಗಳಲ್ಲಿ ಈ ಪ್ರಯತ್ನವಾಗಬೇಕು ಈ ಎಲ್ಲ ಕಾಲದ ಹಳೆಯ ಪುಸ್ತಕಗಳನ್ನು ರಕ್ಷಣೆಯಾಗುವ ಜೊತೆಗೆ ಒಂದೆಡೆ ಸಂಗ್ರಹವಾಗುತ್ತದೆ ಆಗ ಆಸಕ್ತ ಸಾಹಿತ್ಯ ಅಭಿಮಾನಿಗಳು ಓದಲು ಸಹ ಅನುಕೂಲವಾಗುತ್ತದೆ. ಮಕ್ಕಳು ಪುಸ್ತಕಗಳನ್ನು ಇದರ ಜೊತೆಗೆ ಹಳೆಯ ಕಾಲದ ಆಟದ ಸಾಮಗ್ರಿಗಳನ್ನು ಇಟ್ಟು ಅವುಗಳನ್ನು ಆಡಿಸುವ ಪ್ರಯತ್ನ ಮಾಡಬೇಕು ಎಂದರು. ಇದೇ ಸಂದರ್ಭದಲ್ಲಿ ಓದಿನ ಮನೆಯ ವತಿಯಿಂದ ಚಿದಾನಂದ ಗೌಡ ಅವರನ್ನು ಸನ್ಮಾನಿಸಲಾಯಿತು. ಸಾಹಿತಿ ಶ್ರೀನಿವಾಸ ಮೂರ್ತಿ, ಶಿಕ್ಷಕರು, ಪ್ರತಿಷ್ಠಾನದ ಸದಸ್ಯರು ಉಪಸ್ಥಿತರಿದ್ದರು.
